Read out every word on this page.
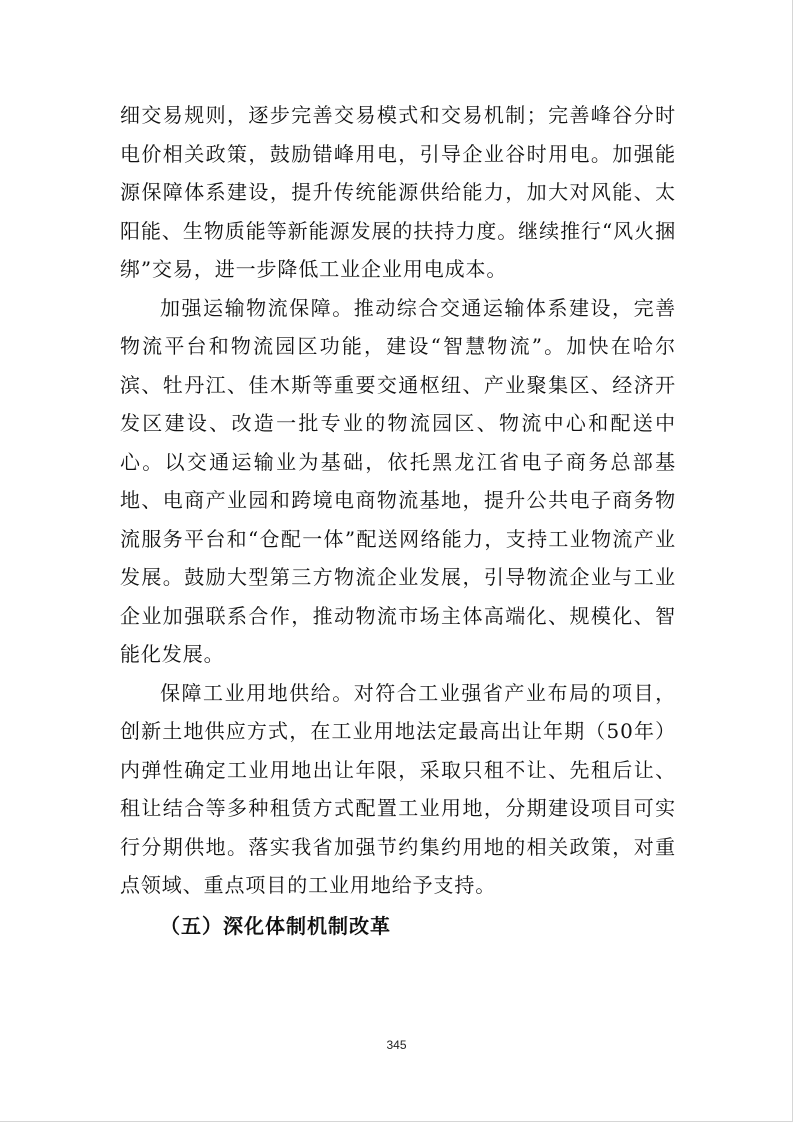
细交易规则，逐步完善交易模式和交易机制；完善峰谷分时电价相关政策，鼓励错峰用电，引导企业谷时用电。加强能源保障体系建设，提升传统能源供给能力，加大对风能、太阳能、生物质能等新能源发展的扶持力度。继续推行“风火捆绑”交易，进一步降低工业企业用电成本。

加强运输物流保障。推动综合交通运输体系建设，完善物流平台和物流园区功能，建设“智慧物流”。加快在哈尔滨、牡丹江、佳木斯等重要交通枢纽、产业聚集区、经济开发区建设、改造一批专业的物流园区、物流中心和配送中心。以交通运输业为基础，依托黑龙江省电子商务总部基地、电商产业园和跨境电商物流基地，提升公共电子商务物流服务平台和“仓配一体”配送网络能力，支持工业物流产业发展。鼓励大型第三方物流企业发展，引导物流企业与工业企业加强联系合作，推动物流市场主体高端化、规模化、智能化发展。

保障工业用地供给。对符合工业强省产业布局的项目，创新土地供应方式，在工业用地法定最高出让年期（50年）内弹性确定工业用地出让年限，采取只租不让、先租后让、租让结合等多种租赁方式配置工业用地，分期建设项目可实行分期供地。落实我省加强节约集约用地的相关政策，对重点领域、重点项目的工业用地给予支持。

（五）深化体制机制改革

345
